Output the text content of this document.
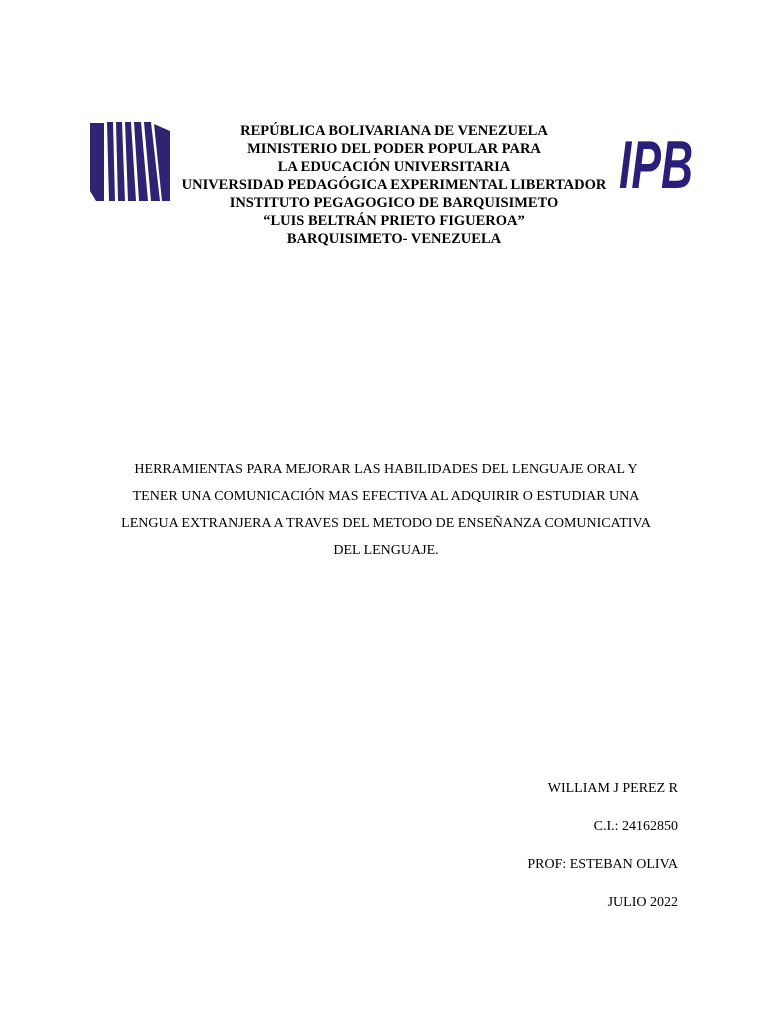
IPB
REPÚBLICA BOLIVARIANA DE VENEZUELA
MINISTERIO DEL PODER POPULAR PARA
LA EDUCACIÓN UNIVERSITARIA
UNIVERSIDAD PEDAGÓGICA EXPERIMENTAL LIBERTADOR
INSTITUTO PEGAGOGICO DE BARQUISIMETO
“LUIS BELTRÁN PRIETO FIGUEROA”
BARQUISIMETO- VENEZUELA
HERRAMIENTAS PARA MEJORAR LAS HABILIDADES DEL LENGUAJE ORAL Y
TENER UNA COMUNICACIÓN MAS EFECTIVA AL ADQUIRIR O ESTUDIAR UNA
LENGUA EXTRANJERA A TRAVES DEL METODO DE ENSEÑANZA COMUNICATIVA
DEL LENGUAJE.
WILLIAM J PEREZ R
C.I.: 24162850
PROF: ESTEBAN OLIVA
JULIO 2022
